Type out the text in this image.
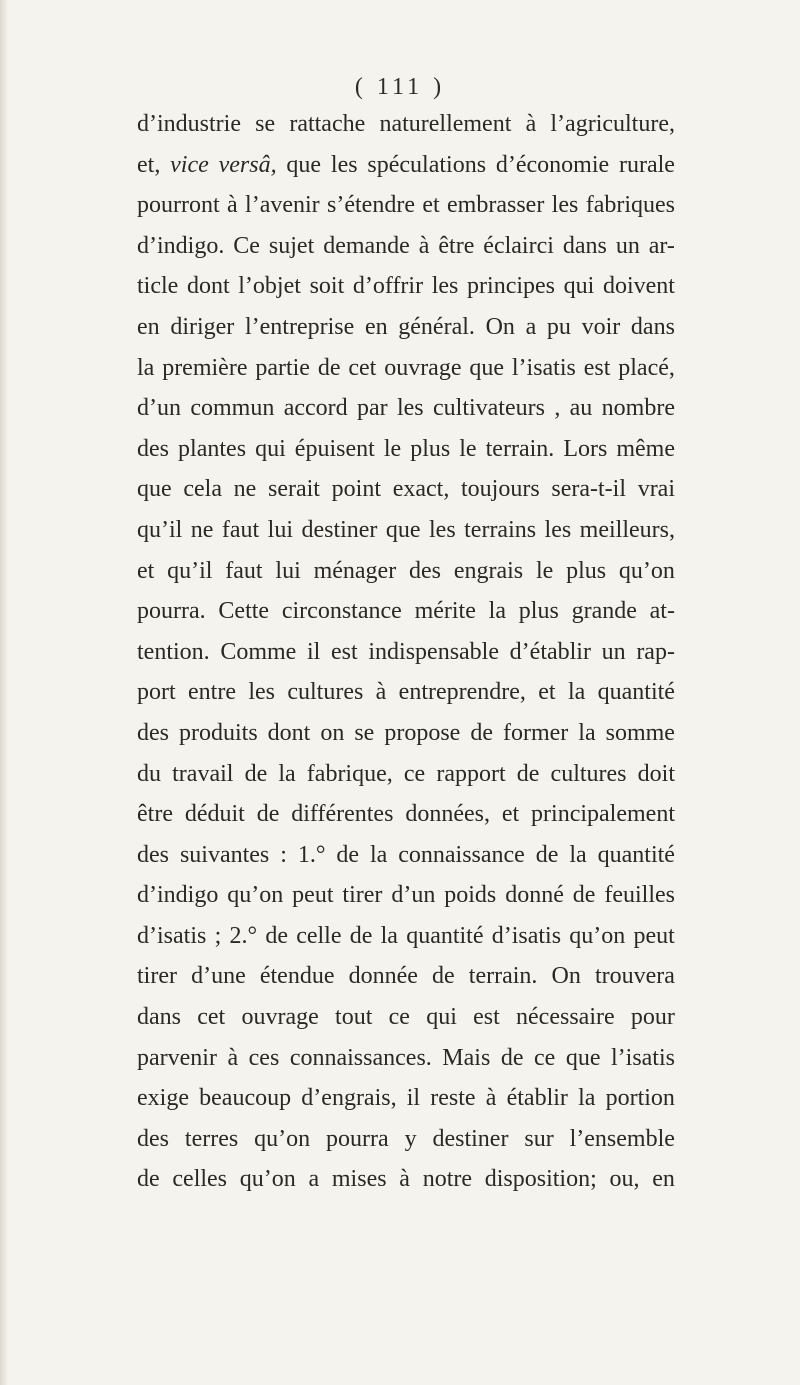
( 111 )
d’industrie se rattache naturellement à l’agriculture,
et, vice versâ, que les spéculations d’économie rurale
pourront à l’avenir s’étendre et embrasser les fabriques
d’indigo. Ce sujet demande à être éclairci dans un ar-
ticle dont l’objet soit d’offrir les principes qui doivent
en diriger l’entreprise en général. On a pu voir dans
la première partie de cet ouvrage que l’isatis est placé,
d’un commun accord par les cultivateurs , au nombre
des plantes qui épuisent le plus le terrain. Lors même
que cela ne serait point exact, toujours sera-t-il vrai
qu’il ne faut lui destiner que les terrains les meilleurs,
et qu’il faut lui ménager des engrais le plus qu’on
pourra. Cette circonstance mérite la plus grande at-
tention. Comme il est indispensable d’établir un rap-
port entre les cultures à entreprendre, et la quantité
des produits dont on se propose de former la somme
du travail de la fabrique, ce rapport de cultures doit
être déduit de différentes données, et principalement
des suivantes : 1.° de la connaissance de la quantité
d’indigo qu’on peut tirer d’un poids donné de feuilles
d’isatis ; 2.° de celle de la quantité d’isatis qu’on peut
tirer d’une étendue donnée de terrain. On trouvera
dans cet ouvrage tout ce qui est nécessaire pour
parvenir à ces connaissances. Mais de ce que l’isatis
exige beaucoup d’engrais, il reste à établir la portion
des terres qu’on pourra y destiner sur l’ensemble
de celles qu’on a mises à notre disposition; ou, en
